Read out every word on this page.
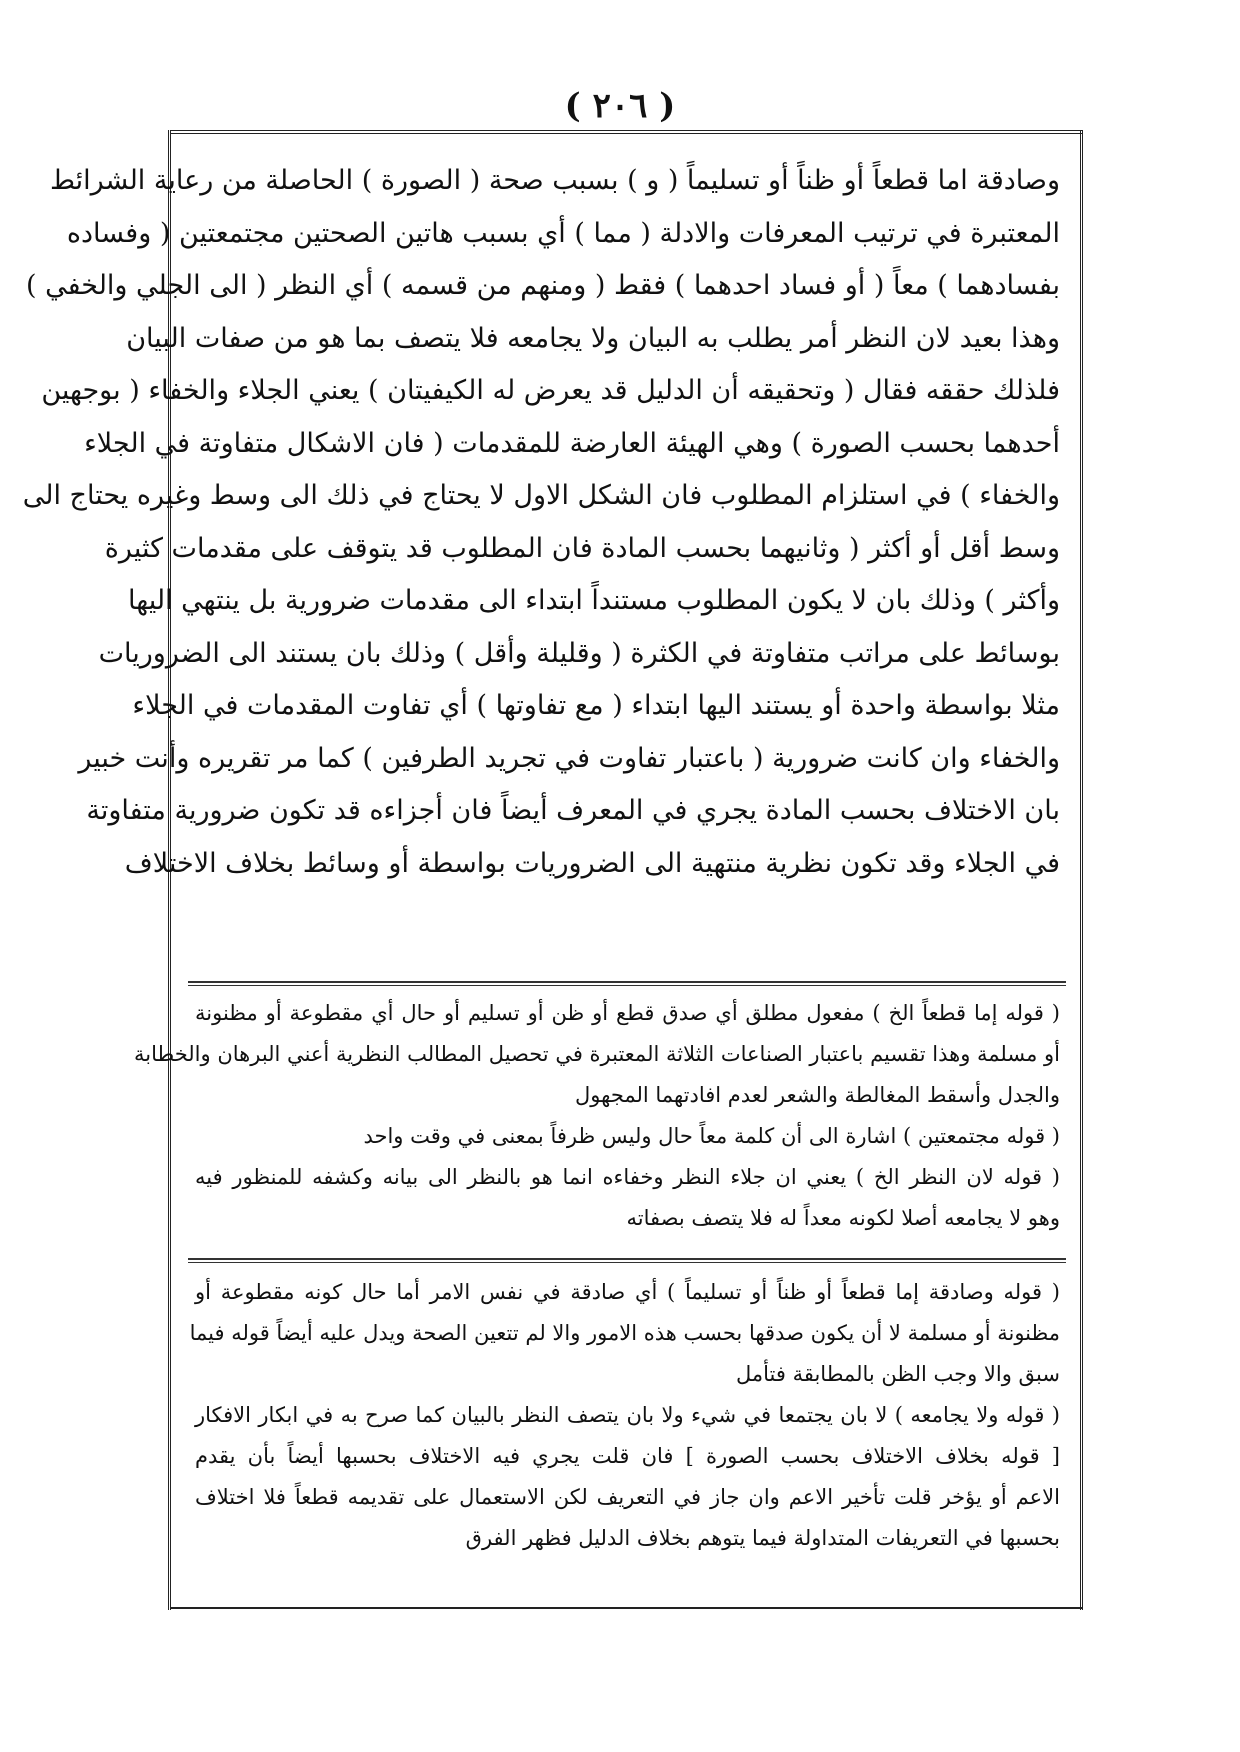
( ٢٠٦ )
وصادقة اما قطعاً أو ظناً أو تسليماً ( و ) بسبب صحة ( الصورة ) الحاصلة من رعاية الشرائط
المعتبرة في ترتيب المعرفات والادلة ( مما ) أي بسبب هاتين الصحتين مجتمعتين ( وفساده
بفسادهما ) معاً ( أو فساد احدهما ) فقط ( ومنهم من قسمه ) أي النظر ( الى الجلي والخفي )
وهذا بعيد لان النظر أمر يطلب به البيان ولا يجامعه فلا يتصف بما هو من صفات البيان
فلذلك حققه فقال ( وتحقيقه أن الدليل قد يعرض له الكيفيتان ) يعني الجلاء والخفاء ( بوجهين
أحدهما بحسب الصورة ) وهي الهيئة العارضة للمقدمات ( فان الاشكال متفاوتة في الجلاء
والخفاء ) في استلزام المطلوب فان الشكل الاول لا يحتاج في ذلك الى وسط وغيره يحتاج الى
وسط أقل أو أكثر ( وثانيهما بحسب المادة فان المطلوب قد يتوقف على مقدمات كثيرة
وأكثر ) وذلك بان لا يكون المطلوب مستنداً ابتداء الى مقدمات ضرورية بل ينتهي اليها
بوسائط على مراتب متفاوتة في الكثرة ( وقليلة وأقل ) وذلك بان يستند الى الضروريات
مثلا بواسطة واحدة أو يستند اليها ابتداء ( مع تفاوتها ) أي تفاوت المقدمات في الجلاء
والخفاء وان كانت ضرورية ( باعتبار تفاوت في تجريد الطرفين ) كما مر تقريره وأنت خبير
بان الاختلاف بحسب المادة يجري في المعرف أيضاً فان أجزاءه قد تكون ضرورية متفاوتة
في الجلاء وقد تكون نظرية منتهية الى الضروريات بواسطة أو وسائط بخلاف الاختلاف
( قوله إما قطعاً الخ ) مفعول مطلق أي صدق قطع أو ظن أو تسليم أو حال أي مقطوعة أو مظنونة
أو مسلمة وهذا تقسيم باعتبار الصناعات الثلاثة المعتبرة في تحصيل المطالب النظرية أعني البرهان والخطابة
والجدل وأسقط المغالطة والشعر لعدم افادتهما المجهول
( قوله مجتمعتين ) اشارة الى أن كلمة معاً حال وليس ظرفاً بمعنى في وقت واحد
( قوله لان النظر الخ ) يعني ان جلاء النظر وخفاءه انما هو بالنظر الى بيانه وكشفه للمنظور فيه
وهو لا يجامعه أصلا لكونه معداً له فلا يتصف بصفاته
( قوله وصادقة إما قطعاً أو ظناً أو تسليماً ) أي صادقة في نفس الامر أما حال كونه مقطوعة أو
مظنونة أو مسلمة لا أن يكون صدقها بحسب هذه الامور والا لم تتعين الصحة ويدل عليه أيضاً قوله فيما
سبق والا وجب الظن بالمطابقة فتأمل
( قوله ولا يجامعه ) لا بان يجتمعا في شيء ولا بان يتصف النظر بالبيان كما صرح به في ابكار الافكار
[ قوله بخلاف الاختلاف بحسب الصورة ] فان قلت يجري فيه الاختلاف بحسبها أيضاً بأن يقدم
الاعم أو يؤخر قلت تأخير الاعم وان جاز في التعريف لكن الاستعمال على تقديمه قطعاً فلا اختلاف
بحسبها في التعريفات المتداولة فيما يتوهم بخلاف الدليل فظهر الفرق
